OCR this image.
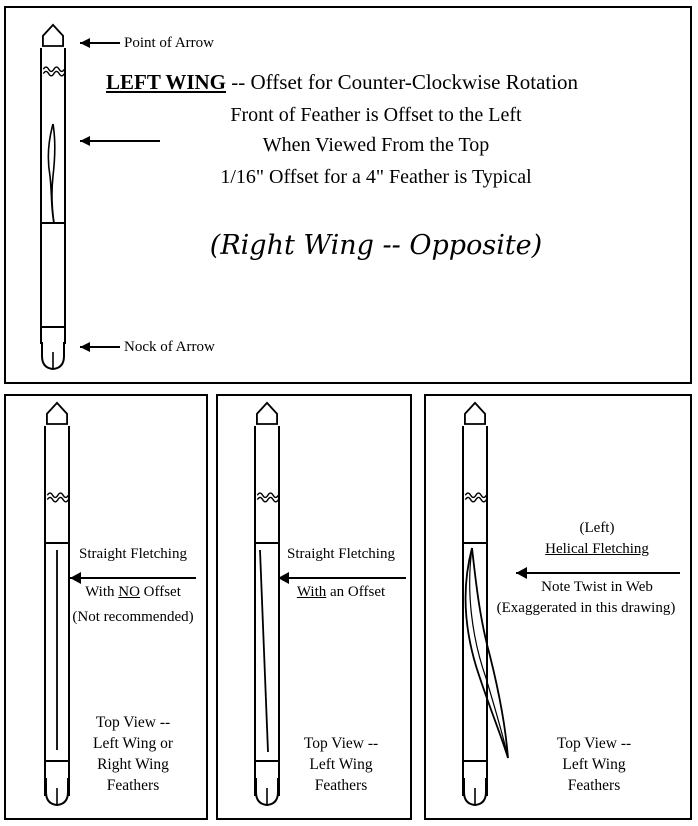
Point of Arrow
Nock of Arrow
LEFT WING -- Offset for Counter-Clockwise Rotation
Front of Feather is Offset to the Left
When Viewed From the Top
1/16" Offset for a 4" Feather is Typical
(Right Wing -- Opposite)
Straight Fletching
With NO Offset
(Not recommended)
Top View --
Left Wing or
Right Wing
Feathers
Straight Fletching
With an Offset
Top View --
Left Wing
Feathers
(Left)
Helical Fletching
Note Twist in Web
(Exaggerated in this drawing)
Top View --
Left Wing
Feathers
